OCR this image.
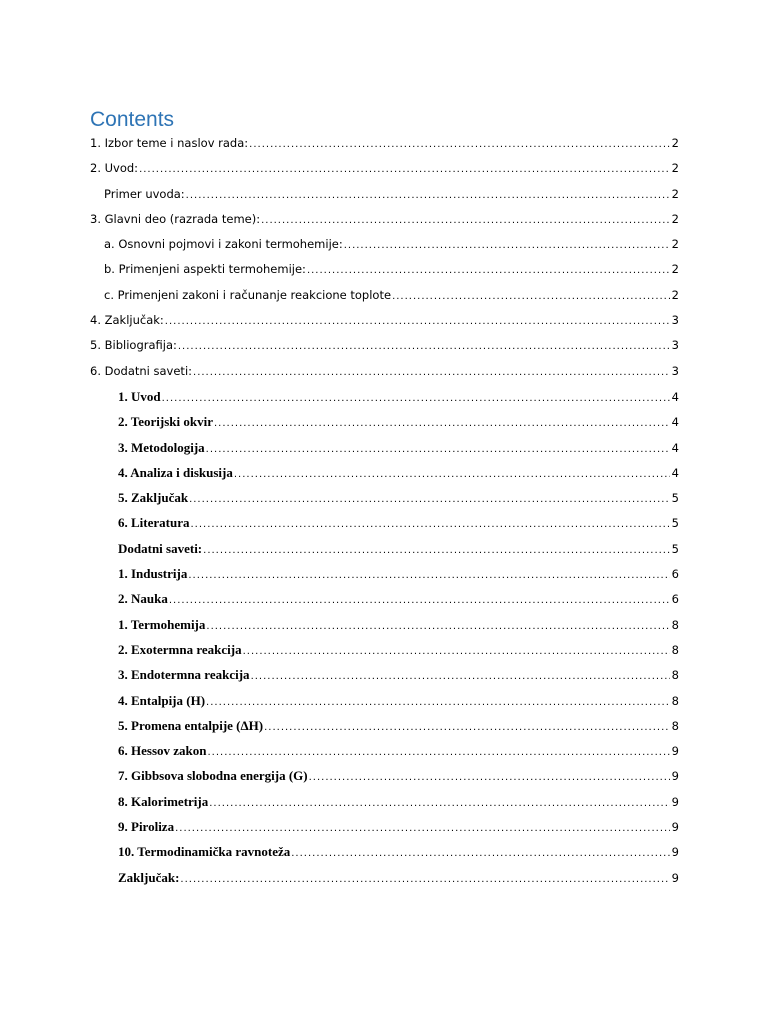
Contents
1. Izbor teme i naslov rada: .....	2
2. Uvod: .....	2
Primer uvoda: .....	2
3. Glavni deo (razrada teme): .....	2
a. Osnovni pojmovi i zakoni termohemije: .....	2
b. Primenjeni aspekti termohemije: .....	2
c. Primenjeni zakoni i računanje reakcione toplote .....	2
4. Zaključak: .....	3
5. Bibliografija: .....	3
6. Dodatni saveti: .....	3
1. Uvod .....	4
2. Teorijski okvir .....	4
3. Metodologija .....	4
4. Analiza i diskusija .....	4
5. Zaključak .....	5
6. Literatura .....	5
Dodatni saveti: .....	5
1. Industrija .....	6
2. Nauka .....	6
1. Termohemija .....	8
2. Exotermna reakcija .....	8
3. Endotermna reakcija .....	8
4. Entalpija (H) .....	8
5. Promena entalpije (ΔH) .....	8
6. Hessov zakon .....	9
7. Gibbsova slobodna energija (G) .....	9
8. Kalorimetrija .....	9
9. Piroliza .....	9
10. Termodinamička ravnoteža .....	9
Zaključak: .....	9
